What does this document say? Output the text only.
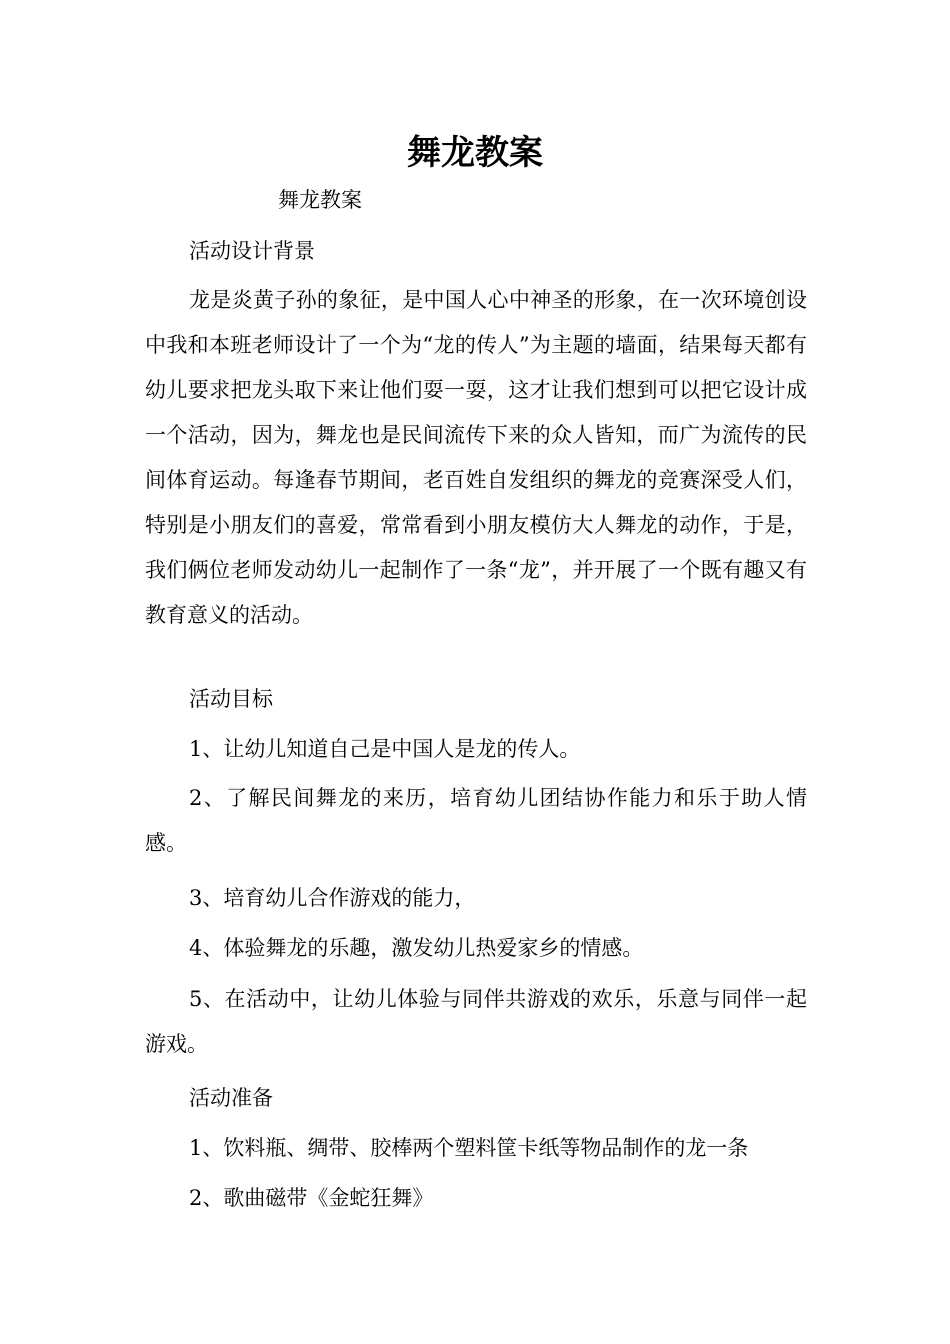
舞龙教案

舞龙教案

活动设计背景

龙是炎黄子孙的象征，是中国人心中神圣的形象，在一次环境创设中我和本班老师设计了一个为“龙的传人”为主题的墙面，结果每天都有幼儿要求把龙头取下来让他们耍一耍，这才让我们想到可以把它设计成一个活动，因为，舞龙也是民间流传下来的众人皆知，而广为流传的民间体育运动。每逢春节期间，老百姓自发组织的舞龙的竞赛深受人们，特别是小朋友们的喜爱，常常看到小朋友模仿大人舞龙的动作，于是，我们俩位老师发动幼儿一起制作了一条“龙”，并开展了一个既有趣又有教育意义的活动。

活动目标

1、让幼儿知道自己是中国人是龙的传人。

2、了解民间舞龙的来历，培育幼儿团结协作能力和乐于助人情感。

3、培育幼儿合作游戏的能力，

4、体验舞龙的乐趣，激发幼儿热爱家乡的情感。

5、在活动中，让幼儿体验与同伴共游戏的欢乐，乐意与同伴一起游戏。

活动准备

1、饮料瓶、绸带、胶棒两个塑料筐卡纸等物品制作的龙一条

2、歌曲磁带《金蛇狂舞》
